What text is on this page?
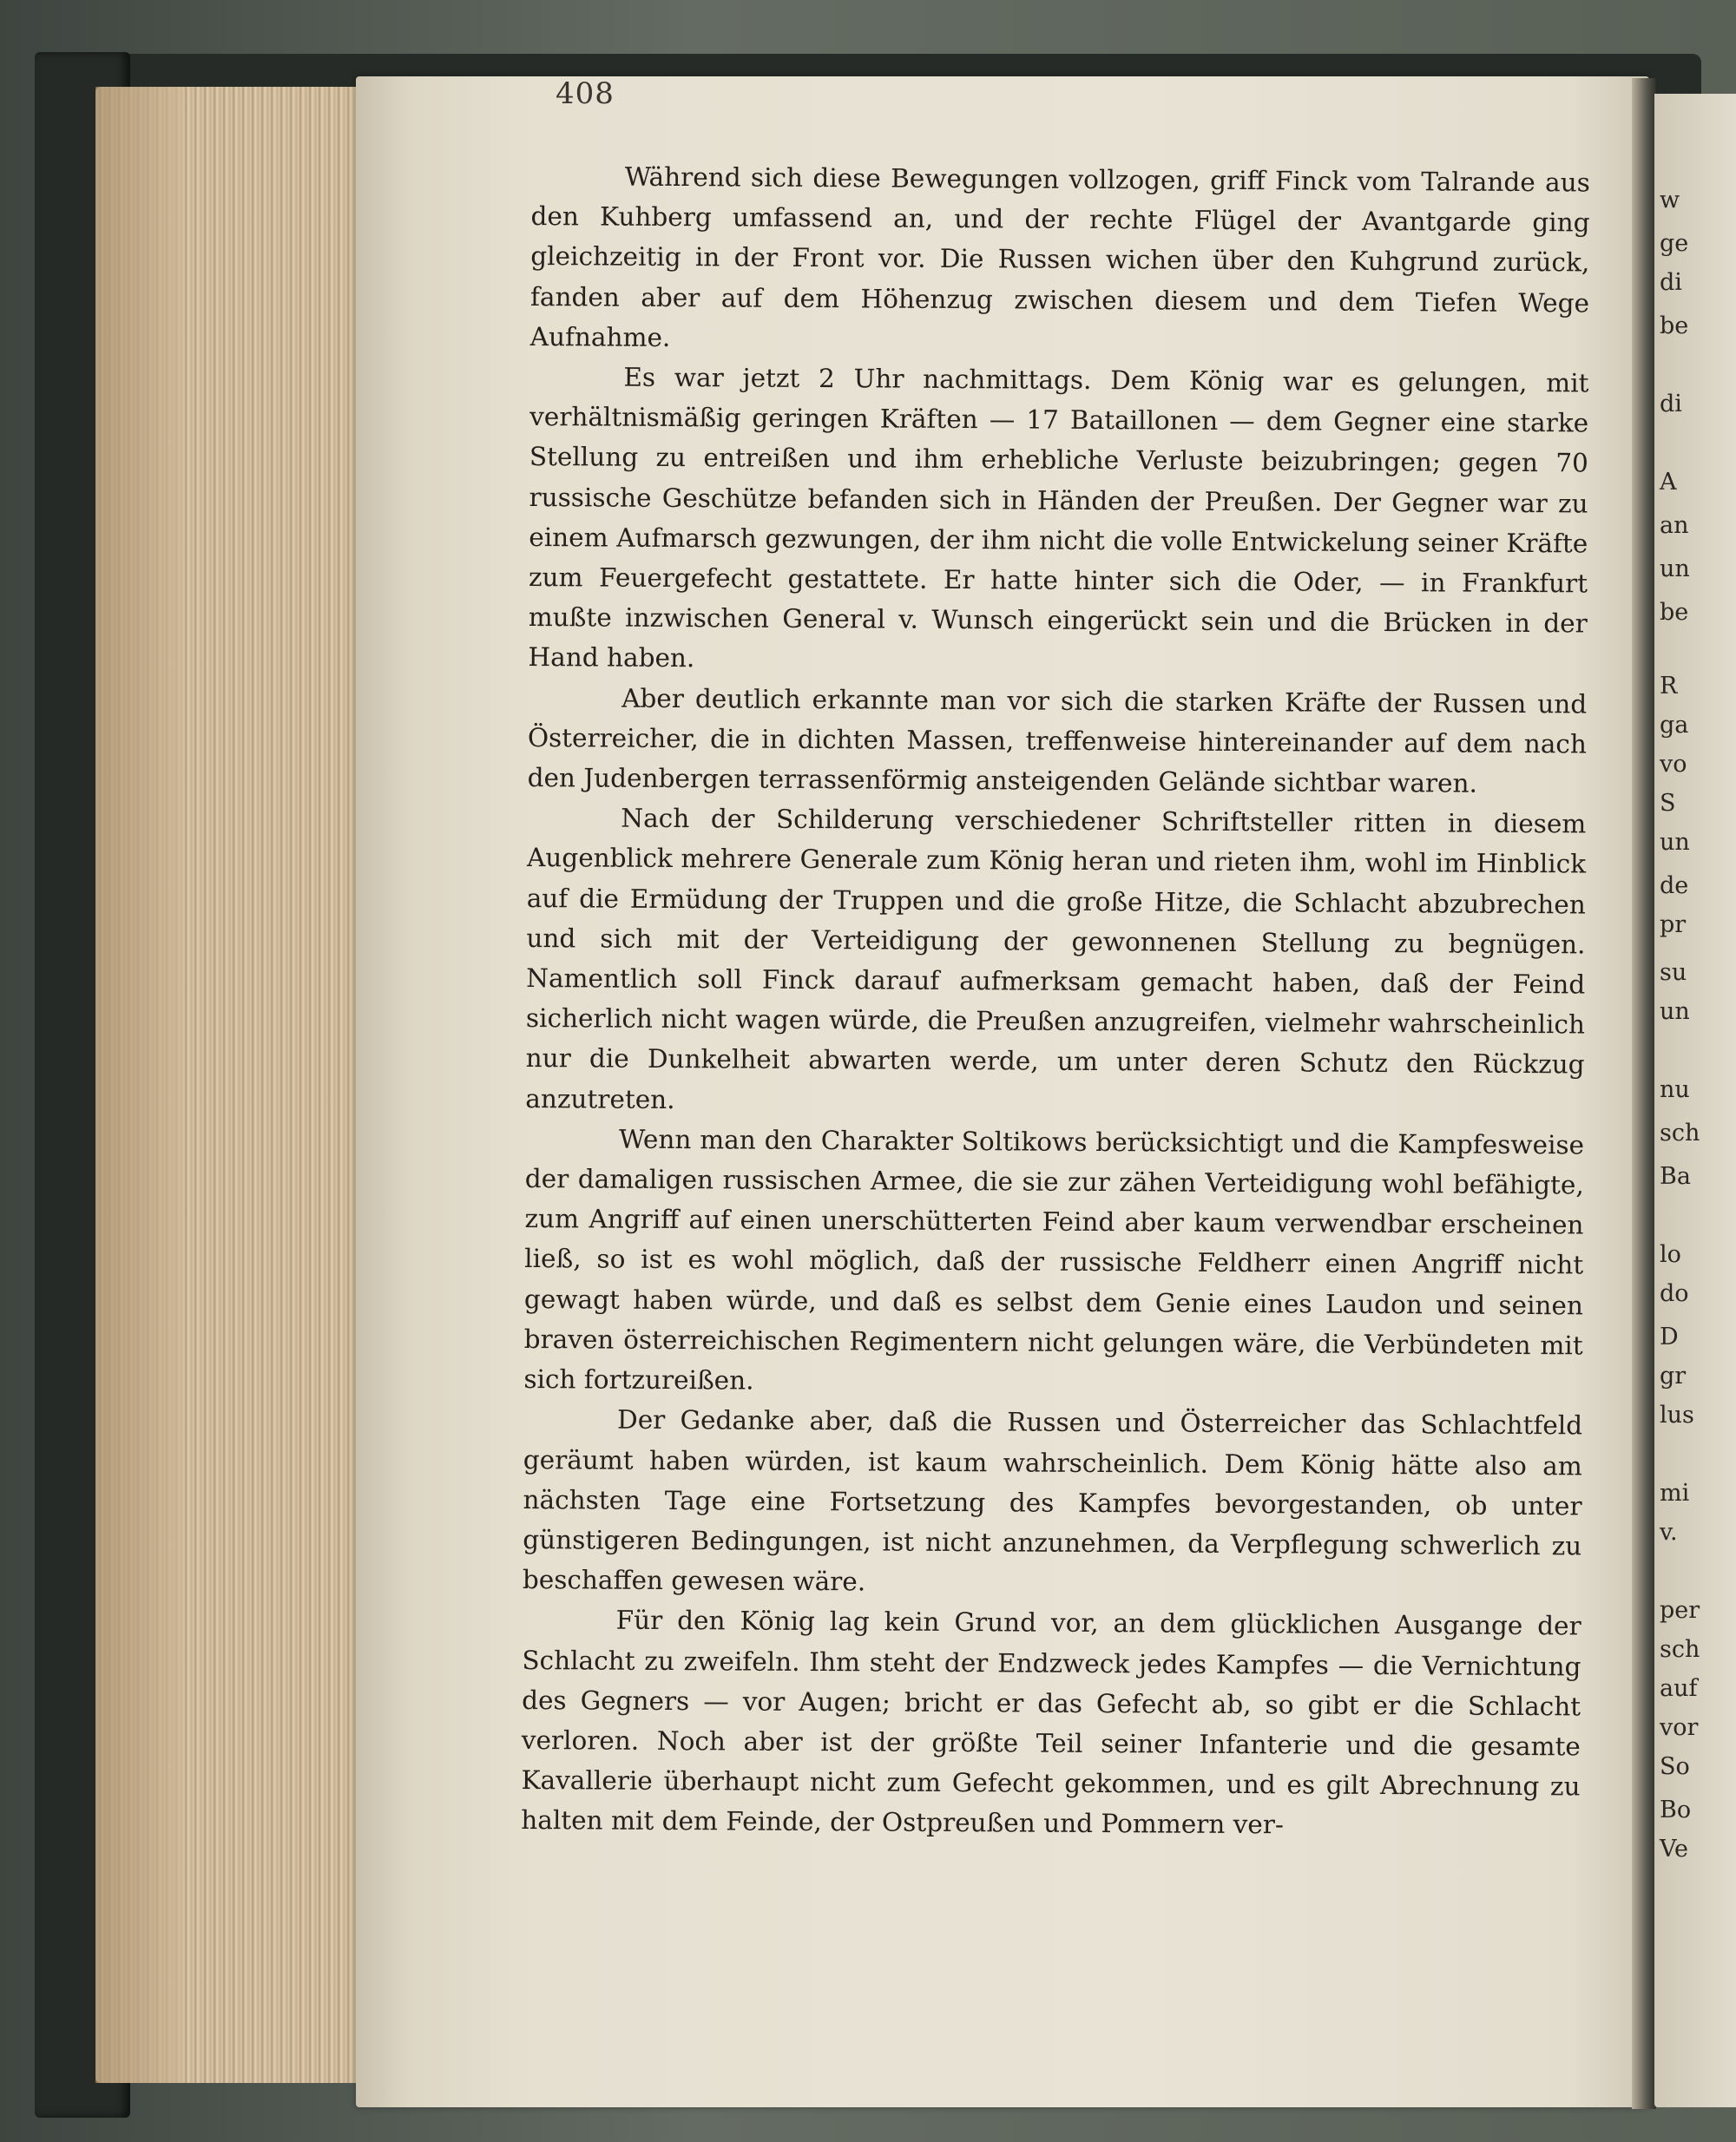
408

Während sich diese Bewegungen vollzogen, griff Finck vom Talrande aus den Kuhberg umfassend an, und der rechte Flügel der Avantgarde ging gleichzeitig in der Front vor. Die Russen wichen über den Kuhgrund zurück, fanden aber auf dem Höhenzug zwischen diesem und dem Tiefen Wege Aufnahme.

Es war jetzt 2 Uhr nachmittags. Dem König war es gelungen, mit verhältnismäßig geringen Kräften — 17 Bataillonen — dem Gegner eine starke Stellung zu entreißen und ihm erhebliche Verluste beizubringen; gegen 70 russische Geschütze befanden sich in Händen der Preußen. Der Gegner war zu einem Aufmarsch gezwungen, der ihm nicht die volle Entwickelung seiner Kräfte zum Feuergefecht gestattete. Er hatte hinter sich die Oder, — in Frankfurt mußte inzwischen General v. Wunsch eingerückt sein und die Brücken in der Hand haben.

Aber deutlich erkannte man vor sich die starken Kräfte der Russen und Österreicher, die in dichten Massen, treffenweise hintereinander auf dem nach den Judenbergen terrassenförmig ansteigenden Gelände sichtbar waren.

Nach der Schilderung verschiedener Schriftsteller ritten in diesem Augenblick mehrere Generale zum König heran und rieten ihm, wohl im Hinblick auf die Ermüdung der Truppen und die große Hitze, die Schlacht abzubrechen und sich mit der Verteidigung der gewonnenen Stellung zu begnügen. Namentlich soll Finck darauf aufmerksam gemacht haben, daß der Feind sicherlich nicht wagen würde, die Preußen anzugreifen, vielmehr wahrscheinlich nur die Dunkelheit abwarten werde, um unter deren Schutz den Rückzug anzutreten.

Wenn man den Charakter Soltikows berücksichtigt und die Kampfesweise der damaligen russischen Armee, die sie zur zähen Verteidigung wohl befähigte, zum Angriff auf einen unerschütterten Feind aber kaum verwendbar erscheinen ließ, so ist es wohl möglich, daß der russische Feldherr einen Angriff nicht gewagt haben würde, und daß es selbst dem Genie eines Laudon und seinen braven österreichischen Regimentern nicht gelungen wäre, die Verbündeten mit sich fortzureißen.

Der Gedanke aber, daß die Russen und Österreicher das Schlachtfeld geräumt haben würden, ist kaum wahrscheinlich. Dem König hätte also am nächsten Tage eine Fortsetzung des Kampfes bevorgestanden, ob unter günstigeren Bedingungen, ist nicht anzunehmen, da Verpflegung schwerlich zu beschaffen gewesen wäre.

Für den König lag kein Grund vor, an dem glücklichen Ausgange der Schlacht zu zweifeln. Ihm steht der Endzweck jedes Kampfes — die Vernichtung des Gegners — vor Augen; bricht er das Gefecht ab, so gibt er die Schlacht verloren. Noch aber ist der größte Teil seiner Infanterie und die gesamte Kavallerie überhaupt nicht zum Gefecht gekommen, und es gilt Abrechnung zu halten mit dem Feinde, der Ostpreußen und Pommern ver-

w
ge
di
be
di
A
an
un
be
R
ga
vo
S
un
de
pr
su
un
nu
sch
Ba
lo
do
D
gr
lus
mi
v.
per
sch
auf
vor
So
Bo
Ve
